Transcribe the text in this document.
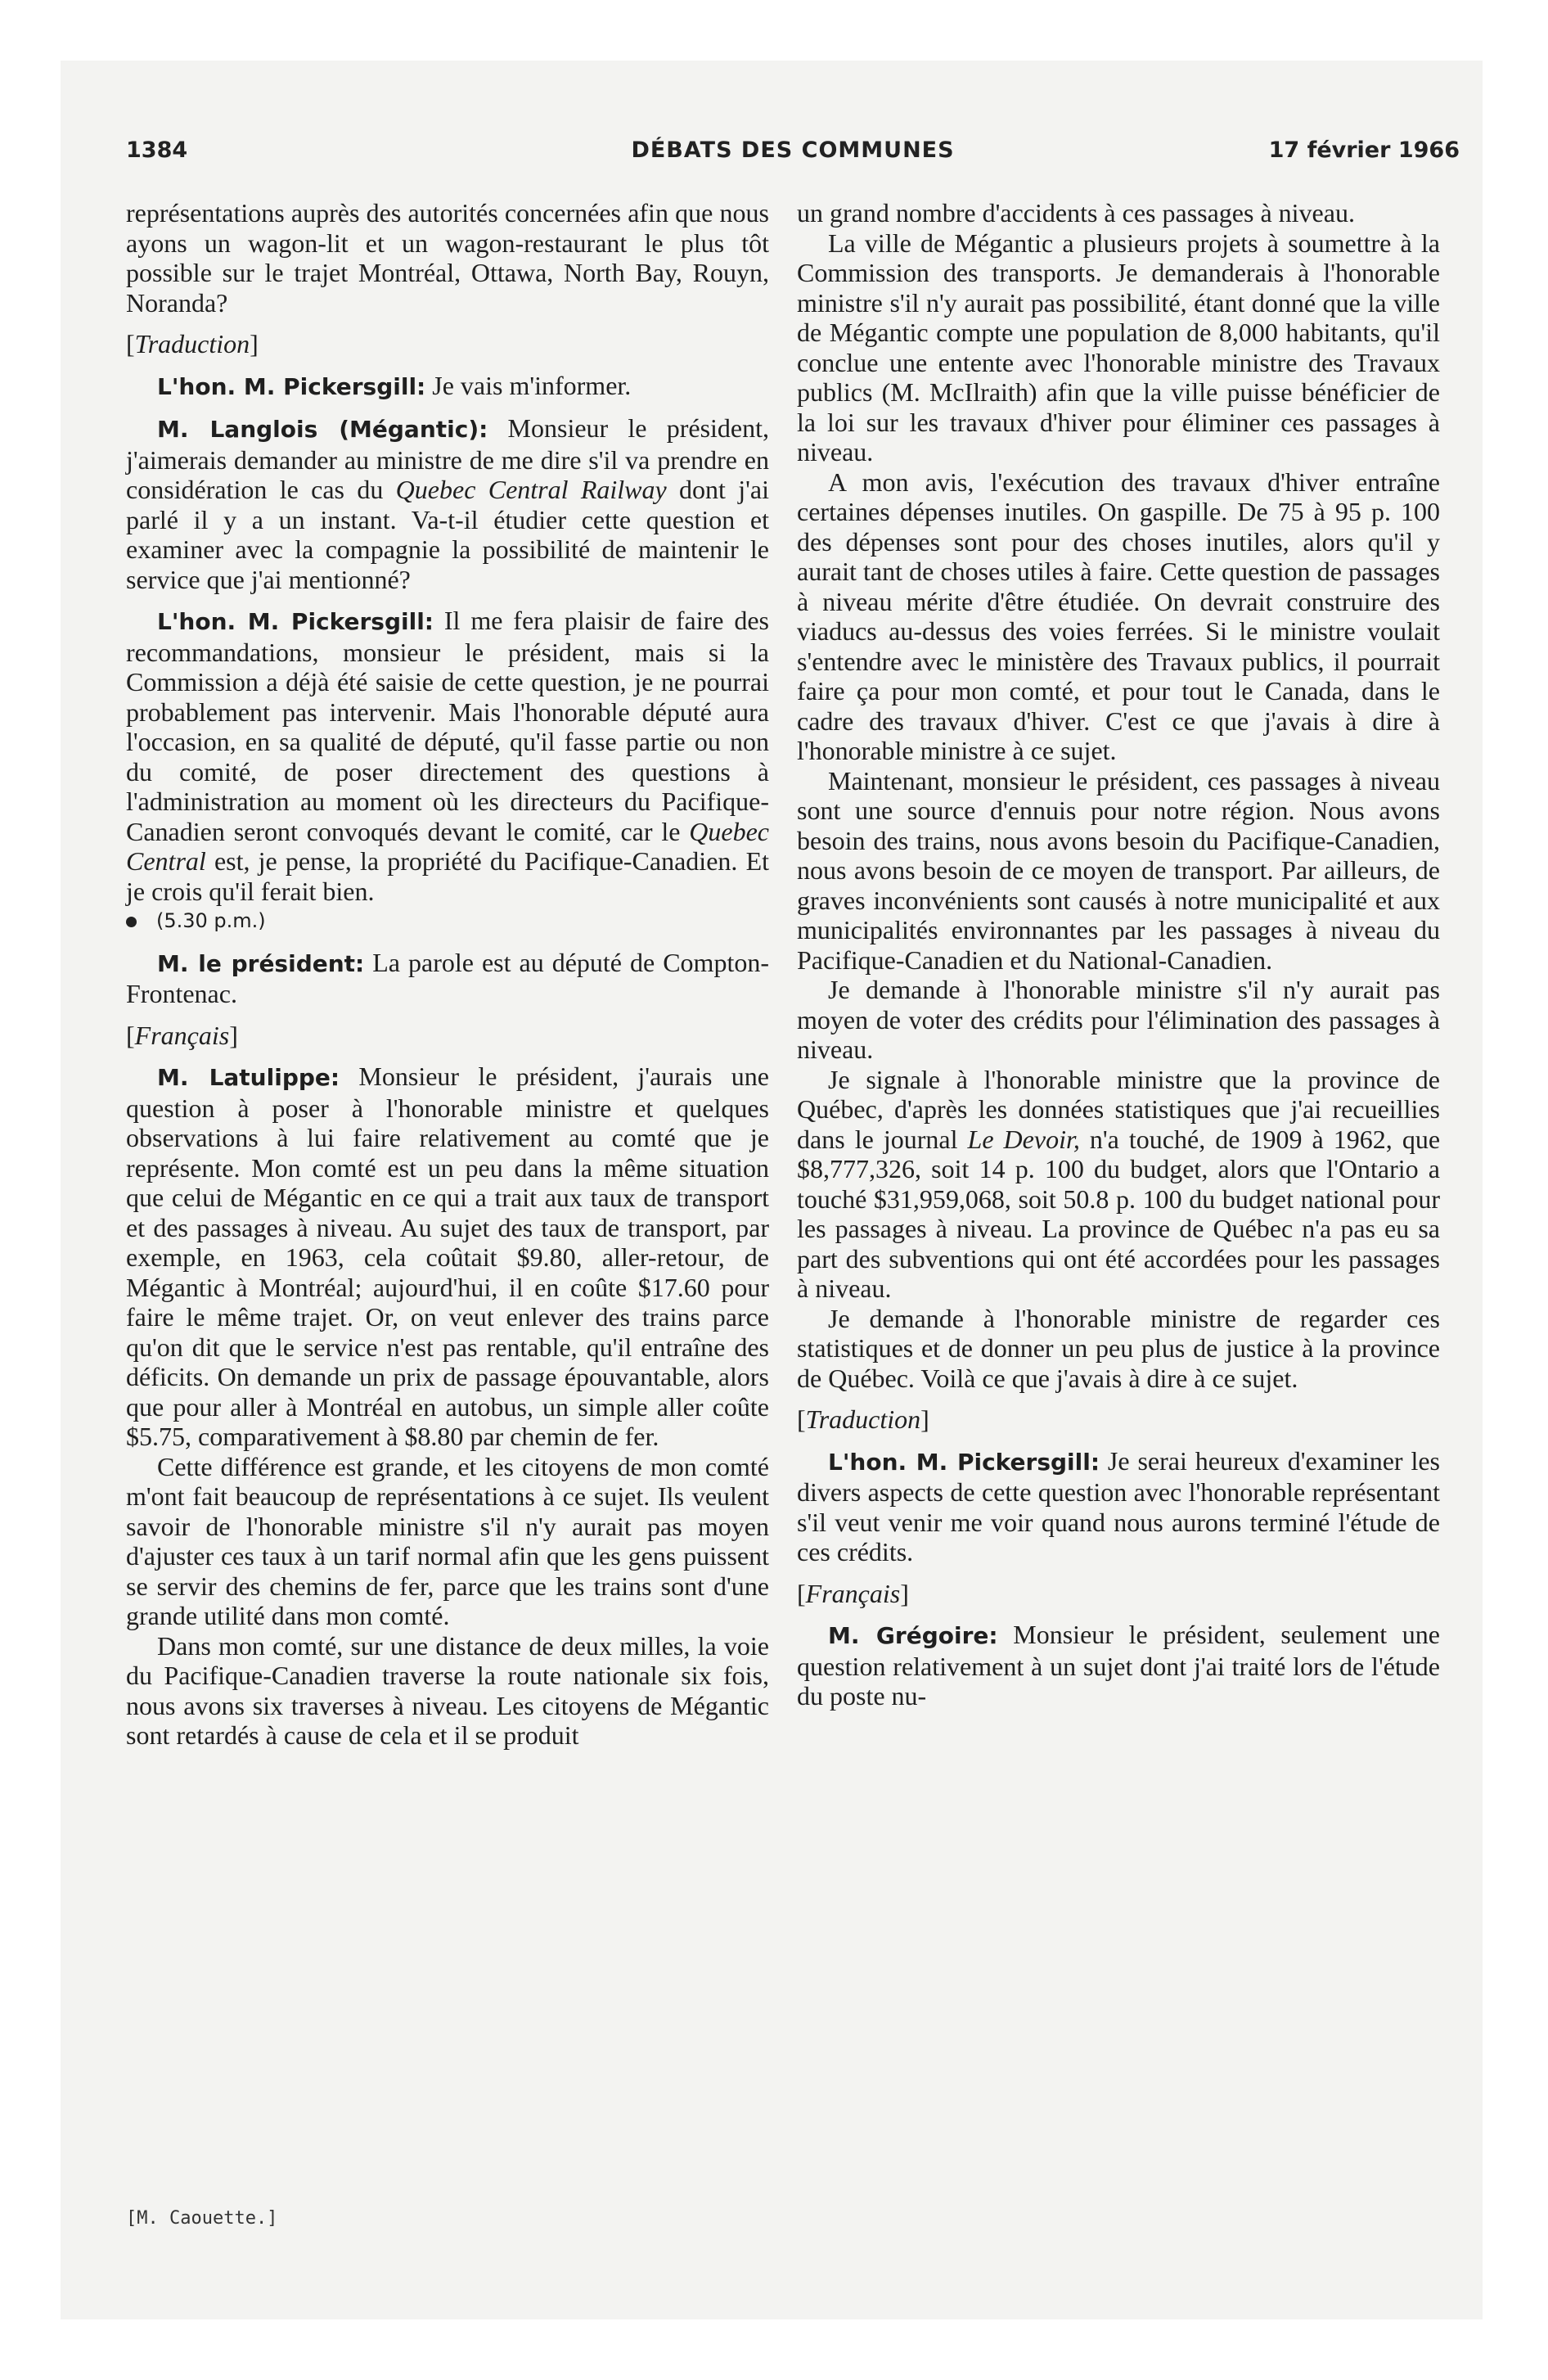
1384	DÉBATS DES COMMUNES	17 février 1966

représentations auprès des autorités concernées afin que nous ayons un wagon-lit et un wagon-restaurant le plus tôt possible sur le trajet Montréal, Ottawa, North Bay, Rouyn, Noranda?

[Traduction]

L'hon. M. Pickersgill: Je vais m'informer.

M. Langlois (Mégantic): Monsieur le président, j'aimerais demander au ministre de me dire s'il va prendre en considération le cas du Quebec Central Railway dont j'ai parlé il y a un instant. Va-t-il étudier cette question et examiner avec la compagnie la possibilité de maintenir le service que j'ai mentionné?

L'hon. M. Pickersgill: Il me fera plaisir de faire des recommandations, monsieur le président, mais si la Commission a déjà été saisie de cette question, je ne pourrai probablement pas intervenir. Mais l'honorable député aura l'occasion, en sa qualité de député, qu'il fasse partie ou non du comité, de poser directement des questions à l'administration au moment où les directeurs du Pacifique-Canadien seront convoqués devant le comité, car le Quebec Central est, je pense, la propriété du Pacifique-Canadien. Et je crois qu'il ferait bien.

(5.30 p.m.)

M. le président: La parole est au député de Compton-Frontenac.

[Français]

M. Latulippe: Monsieur le président, j'aurais une question à poser à l'honorable ministre et quelques observations à lui faire relativement au comté que je représente. Mon comté est un peu dans la même situation que celui de Mégantic en ce qui a trait aux taux de transport et des passages à niveau. Au sujet des taux de transport, par exemple, en 1963, cela coûtait $9.80, aller-retour, de Mégantic à Montréal; aujourd'hui, il en coûte $17.60 pour faire le même trajet. Or, on veut enlever des trains parce qu'on dit que le service n'est pas rentable, qu'il entraîne des déficits. On demande un prix de passage épouvantable, alors que pour aller à Montréal en autobus, un simple aller coûte $5.75, comparativement à $8.80 par chemin de fer.

Cette différence est grande, et les citoyens de mon comté m'ont fait beaucoup de représentations à ce sujet. Ils veulent savoir de l'honorable ministre s'il n'y aurait pas moyen d'ajuster ces taux à un tarif normal afin que les gens puissent se servir des chemins de fer, parce que les trains sont d'une grande utilité dans mon comté.

Dans mon comté, sur une distance de deux milles, la voie du Pacifique-Canadien traverse la route nationale six fois, nous avons six traverses à niveau. Les citoyens de Mégantic sont retardés à cause de cela et il se produit

un grand nombre d'accidents à ces passages à niveau.

La ville de Mégantic a plusieurs projets à soumettre à la Commission des transports. Je demanderais à l'honorable ministre s'il n'y aurait pas possibilité, étant donné que la ville de Mégantic compte une population de 8,000 habitants, qu'il conclue une entente avec l'honorable ministre des Travaux publics (M. McIlraith) afin que la ville puisse bénéficier de la loi sur les travaux d'hiver pour éliminer ces passages à niveau.

A mon avis, l'exécution des travaux d'hiver entraîne certaines dépenses inutiles. On gaspille. De 75 à 95 p. 100 des dépenses sont pour des choses inutiles, alors qu'il y aurait tant de choses utiles à faire. Cette question de passages à niveau mérite d'être étudiée. On devrait construire des viaducs au-dessus des voies ferrées. Si le ministre voulait s'entendre avec le ministère des Travaux publics, il pourrait faire ça pour mon comté, et pour tout le Canada, dans le cadre des travaux d'hiver. C'est ce que j'avais à dire à l'honorable ministre à ce sujet.

Maintenant, monsieur le président, ces passages à niveau sont une source d'ennuis pour notre région. Nous avons besoin des trains, nous avons besoin du Pacifique-Canadien, nous avons besoin de ce moyen de transport. Par ailleurs, de graves inconvénients sont causés à notre municipalité et aux municipalités environnantes par les passages à niveau du Pacifique-Canadien et du National-Canadien.

Je demande à l'honorable ministre s'il n'y aurait pas moyen de voter des crédits pour l'élimination des passages à niveau.

Je signale à l'honorable ministre que la province de Québec, d'après les données statistiques que j'ai recueillies dans le journal Le Devoir, n'a touché, de 1909 à 1962, que $8,777,326, soit 14 p. 100 du budget, alors que l'Ontario a touché $31,959,068, soit 50.8 p. 100 du budget national pour les passages à niveau. La province de Québec n'a pas eu sa part des subventions qui ont été accordées pour les passages à niveau.

Je demande à l'honorable ministre de regarder ces statistiques et de donner un peu plus de justice à la province de Québec. Voilà ce que j'avais à dire à ce sujet.

[Traduction]

L'hon. M. Pickersgill: Je serai heureux d'examiner les divers aspects de cette question avec l'honorable représentant s'il veut venir me voir quand nous aurons terminé l'étude de ces crédits.

[Français]

M. Grégoire: Monsieur le président, seulement une question relativement à un sujet dont j'ai traité lors de l'étude du poste nu-

[M. Caouette.]
